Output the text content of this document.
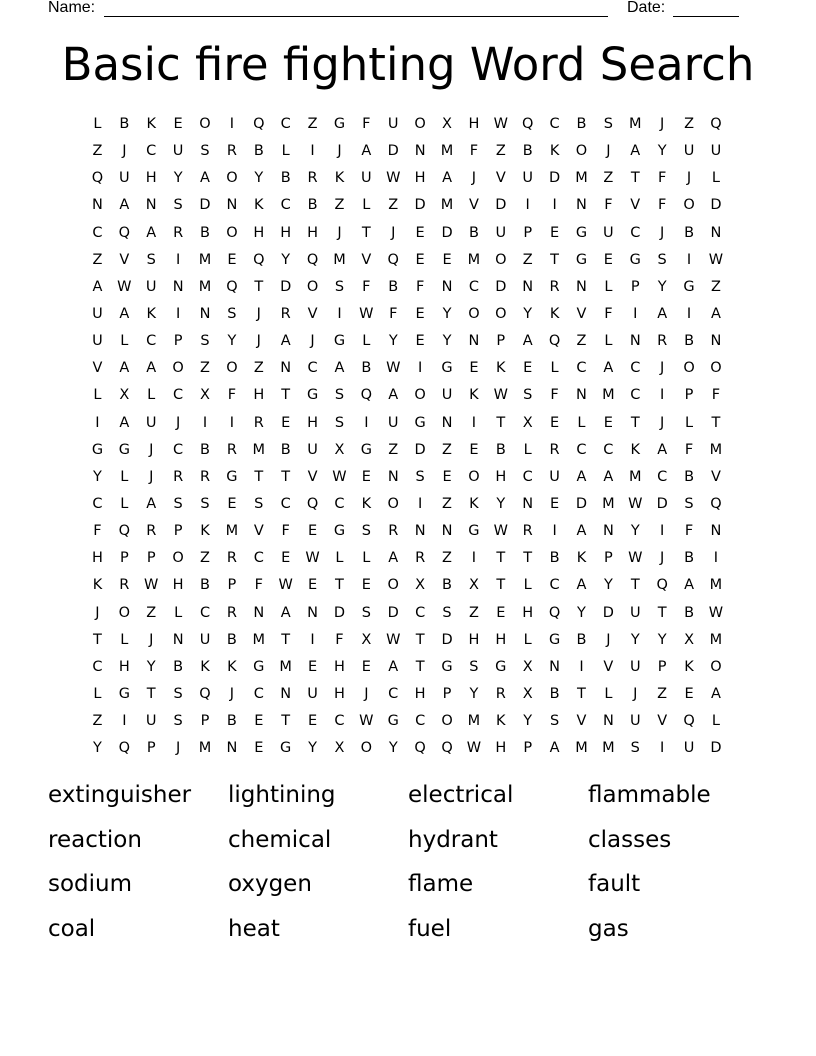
Name:	Date:
Basic fire fighting Word Search
L	B	K	E	O	I	Q	C	Z	G	F	U	O	X	H W Q	C	B	S	M	J	Z	Q
Z	J	C	U	S	R	B	L	I	J	A	D	N	M	F	Z	B	K	O	J	A	Y	U	U
Q	U	H	Y	A	O	Y	B	R	K	U W H	A	J	V	U	D	M	Z	T	F	J	L
N	A	N	S	D	N	K	C	B	Z	L	Z	D	M	V	D	I	I	N	F	V	F	O	D
C	Q	A	R	B	O	H	H	H	J	T	J	E	D	B	U	P	E	G	U	C	J	B	N
Z	V	S	I	M	E	Q	Y	Q	M	V	Q	E	E	M	O	Z	T	G	E	G	S	I	W
A	W U	N	M	Q	T	D	O	S	F	B	F	N	C	D	N	R	N	L	P	Y	G	Z
U	A	K	I	N	S	J	R	V	I	W	F	E	Y	O	O	Y	K	V	F	I	A	I	A
U	L	C	P	S	Y	J	A	J	G	L	Y	E	Y	N	P	A	Q	Z	L	N	R	B	N
V	A	A	O	Z	O	Z	N	C	A	B	W	I	G	E	K	E	L	C	A	C	J	O	O
L	X	L	C	X	F	H	T	G	S	Q	A	O	U	K	W	S	F	N	M	C	I	P	F
I	A	U	J	I	I	R	E	H	S	I	U	G	N	I	T	X	E	L	E	T	J	L	T
G	G	J	C	B	R	M	B	U	X	G	Z	D	Z	E	B	L	R	C	C	K	A	F	M
Y	L	J	R	R	G	T	T	V	W	E	N	S	E	O	H	C	U	A	A	M	C	B	V
C	L	A	S	S	E	S	C	Q	C	K	O	I	Z	K	Y	N	E	D	M W D	S	Q
F	Q	R	P	K	M	V	F	E	G	S	R	N	N	G W	R	I	A	N	Y	I	F	N
H	P	P	O	Z	R	C	E	W	L	L	A	R	Z	I	T	T	B	K	P	W	J	B	I
K	R	W H	B	P	F	W	E	T	E	O	X	B	X	T	L	C	A	Y	T	Q	A	M
J	O	Z	L	C	R	N	A	N	D	S	D	C	S	Z	E	H	Q	Y	D	U	T	B	W
T	L	J	N	U	B	M	T	I	F	X	W	T	D	H	H	L	G	B	J	Y	Y	X	M
C	H	Y	B	K	K	G	M	E	H	E	A	T	G	S	G	X	N	I	V	U	P	K	O
L	G	T	S	Q	J	C	N	U	H	J	C	H	P	Y	R	X	B	T	L	J	Z	E	A
Z	I	U	S	P	B	E	T	E	C	W G	C	O	M	K	Y	S	V	N	U	V	Q	L
Y	Q	P	J	M	N	E	G	Y	X	O	Y	Q	Q W H	P	A	M M	S	I	U	D
extinguisher	lightining	electrical	flammable
reaction	chemical	hydrant	classes
sodium	oxygen	flame	fault
coal	heat	fuel	gas
